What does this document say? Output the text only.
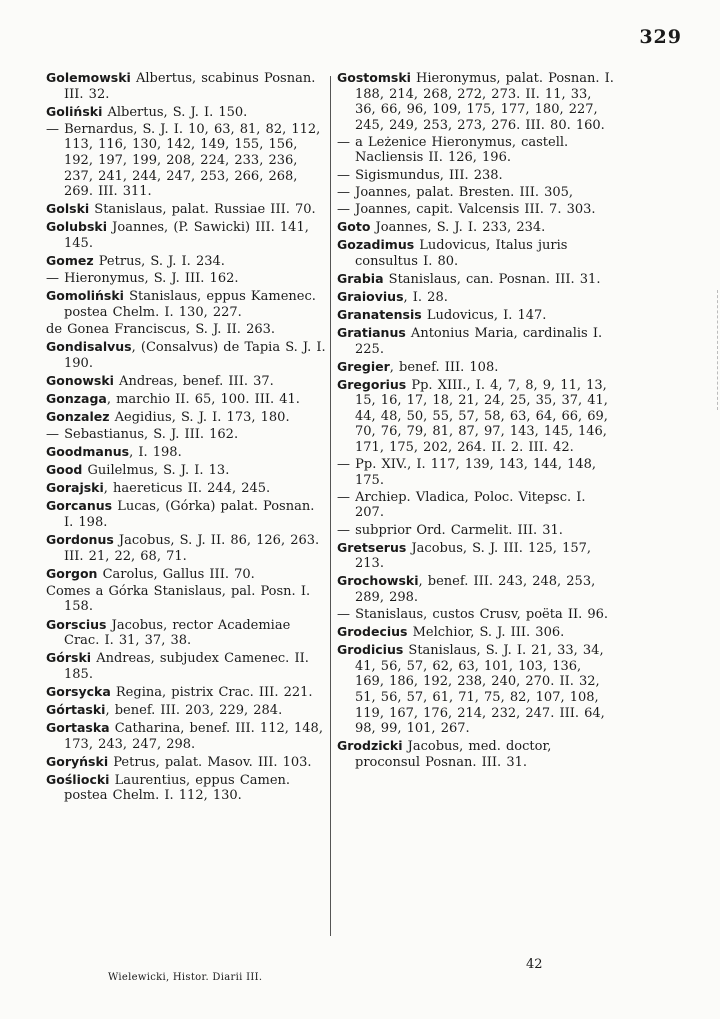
329

Golemowski Albertus, scabinus Posnan. III. 32.

Goliński Albertus, S. J. I. 150.

— Bernardus, S. J. I. 10, 63, 81, 82, 112, 113, 116, 130, 142, 149, 155, 156, 192, 197, 199, 208, 224, 233, 236, 237, 241, 244, 247, 253, 266, 268, 269. III. 311.

Golski Stanislaus, palat. Russiae III. 70.

Golubski Joannes, (P. Sawicki) III. 141, 145.

Gomez Petrus, S. J. I. 234.

— Hieronymus, S. J. III. 162.

Gomoliński Stanislaus, eppus Kamenec. postea Chelm. I. 130, 227.

de Gonea Franciscus, S. J. II. 263.

Gondisalvus, (Consalvus) de Tapia S. J. I. 190.

Gonowski Andreas, benef. III. 37.

Gonzaga, marchio II. 65, 100. III. 41.

Gonzalez Aegidius, S. J. I. 173, 180.

— Sebastianus, S. J. III. 162.

Goodmanus, I. 198.

Good Guilelmus, S. J. I. 13.

Gorajski, haereticus II. 244, 245.

Gorcanus Lucas, (Górka) palat. Posnan. I. 198.

Gordonus Jacobus, S. J. II. 86, 126, 263. III. 21, 22, 68, 71.

Gorgon Carolus, Gallus III. 70.

Comes a Górka Stanislaus, pal. Posn. I. 158.

Gorscius Jacobus, rector Academiae Crac. I. 31, 37, 38.

Górski Andreas, subjudex Camenec. II. 185.

Gorsycka Regina, pistrix Crac. III. 221.

Górtaski, benef. III. 203, 229, 284.

Gortaska Catharina, benef. III. 112, 148, 173, 243, 247, 298.

Goryński Petrus, palat. Masov. III. 103.

Gośliocki Laurentius, eppus Camen. postea Chelm. I. 112, 130.

Gostomski Hieronymus, palat. Posnan. I. 188, 214, 268, 272, 273. II. 11, 33, 36, 66, 96, 109, 175, 177, 180, 227, 245, 249, 253, 273, 276. III. 80. 160.

— a Leżenice Hieronymus, castell. Nacliensis II. 126, 196.

— Sigismundus, III. 238.

— Joannes, palat. Bresten. III. 305,

— Joannes, capit. Valcensis III. 7. 303.

Goto Joannes, S. J. I. 233, 234.

Gozadimus Ludovicus, Italus juris consultus I. 80.

Grabia Stanislaus, can. Posnan. III. 31.

Graiovius, I. 28.

Granatensis Ludovicus, I. 147.

Gratianus Antonius Maria, cardinalis I. 225.

Gregier, benef. III. 108.

Gregorius Pp. XIII., I. 4, 7, 8, 9, 11, 13, 15, 16, 17, 18, 21, 24, 25, 35, 37, 41, 44, 48, 50, 55, 57, 58, 63, 64, 66, 69, 70, 76, 79, 81, 87, 97, 143, 145, 146, 171, 175, 202, 264. II. 2. III. 42.

— Pp. XIV., I. 117, 139, 143, 144, 148, 175.

— Archiep. Vladica, Poloc. Vitepsc. I. 207.

— subprior Ord. Carmelit. III. 31.

Gretserus Jacobus, S. J. III. 125, 157, 213.

Grochowski, benef. III. 243, 248, 253, 289, 298.

— Stanislaus, custos Crusv, poëta II. 96.

Grodecius Melchior, S. J. III. 306.

Grodicius Stanislaus, S. J. I. 21, 33, 34, 41, 56, 57, 62, 63, 101, 103, 136, 169, 186, 192, 238, 240, 270. II. 32, 51, 56, 57, 61, 71, 75, 82, 107, 108, 119, 167, 176, 214, 232, 247. III. 64, 98, 99, 101, 267.

Grodzicki Jacobus, med. doctor, proconsul Posnan. III. 31.

42
Wielewicki, Histor. Diarii III.
